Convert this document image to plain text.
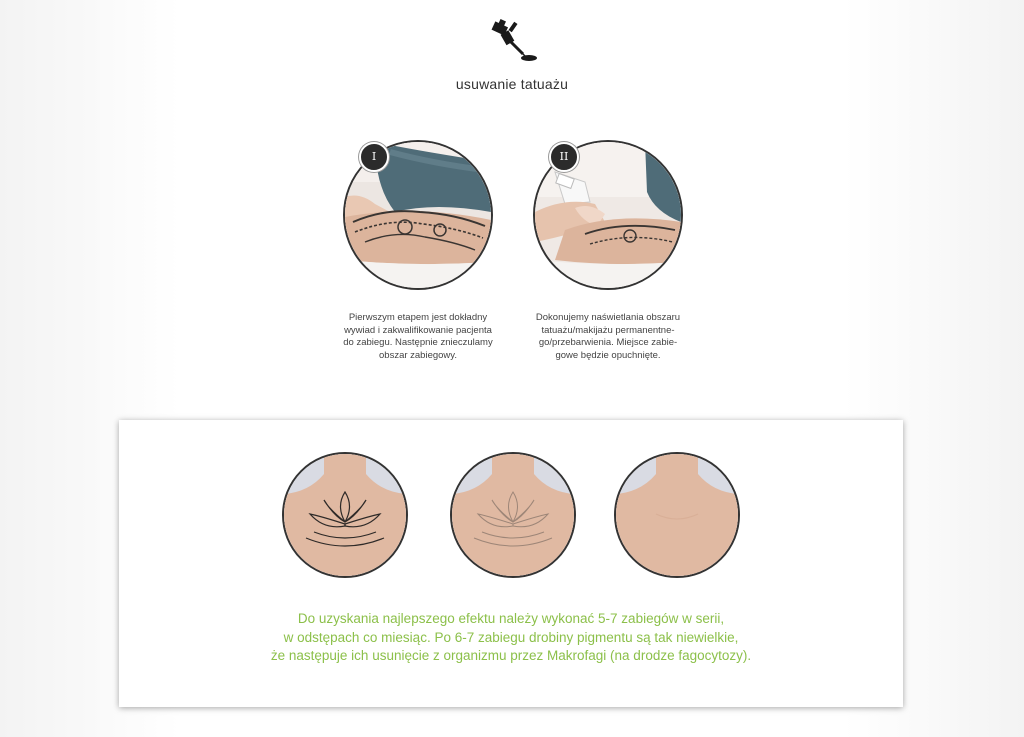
usuwanie tatuażu
I
Pierwszym etapem jest dokładny
wywiad i zakwalifikowanie pacjenta
do zabiegu. Następnie znieczulamy
obszar zabiegowy.
II
Dokonujemy naświetlania obszaru
tatuażu/makijażu permanentne-
go/przebarwienia. Miejsce zabie-
gowe będzie opuchnięte.
Do uzyskania najlepszego efektu należy wykonać 5-7 zabiegów w serii,
w odstępach co miesiąc. Po 6-7 zabiegu drobiny pigmentu są tak niewielkie,
że następuje ich usunięcie z organizmu przez Makrofagi (na drodze fagocytozy).
